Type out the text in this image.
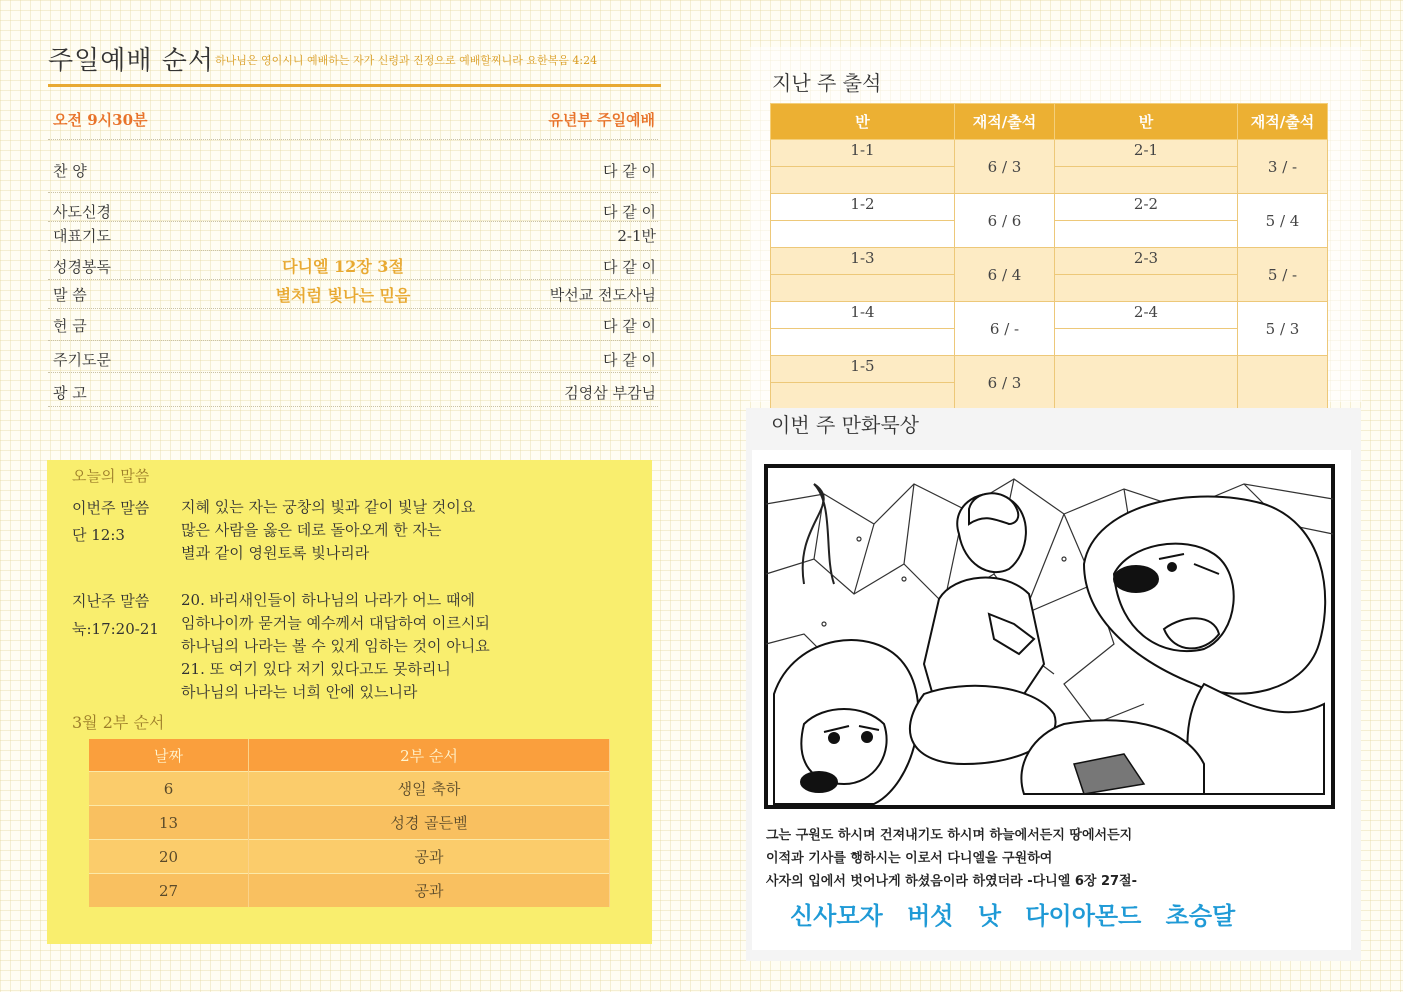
주일예배 순서 하나님은 영이시니 예배하는 자가 신령과 진정으로 예배할찌니라 요한복음 4:24
오전 9시30분	유년부 주일예배
찬 양	다 같 이
사도신경	다 같 이
대표기도	2-1반
성경봉독	다니엘 12장 3절	다 같 이
말 씀	별처럼 빛나는 믿음	박선교 전도사님
헌 금	다 같 이
주기도문	다 같 이
광 고	김영삼 부감님
오늘의 말씀
이번주 말씀
단 12:3
지혜 있는 자는 궁창의 빛과 같이 빛날 것이요
많은 사람을 옳은 데로 돌아오게 한 자는
별과 같이 영원토록 빛나리라
지난주 말씀
눅:17:20-21
20. 바리새인들이 하나님의 나라가 어느 때에
임하나이까 묻거늘 예수께서 대답하여 이르시되
하나님의 나라는 볼 수 있게 임하는 것이 아니요
21. 또 여기 있다 저기 있다고도 못하리니
하나님의 나라는 너희 안에 있느니라
3월 2부 순서
날짜	2부 순서
6	생일 축하
13	성경 골든벨
20	공과
27	공과
지난 주 출석
반	재적/출석	반	재적/출석
1-1	6 / 3	2-1	3 / -

1-2	6 / 6	2-2	5 / 4

1-3	6 / 4	2-3	5 / -

1-4	6 / -	2-4	5 / 3

1-5	6 / 3		

이번 주 만화묵상
그는 구원도 하시며 건져내기도 하시며 하늘에서든지 땅에서든지
이적과 기사를 행하시는 이로서 다니엘을 구원하여
사자의 입에서 벗어나게 하셨음이라 하였더라 -다니엘 6장 27절-
신사모자 버섯 낫 다이아몬드 초승달
